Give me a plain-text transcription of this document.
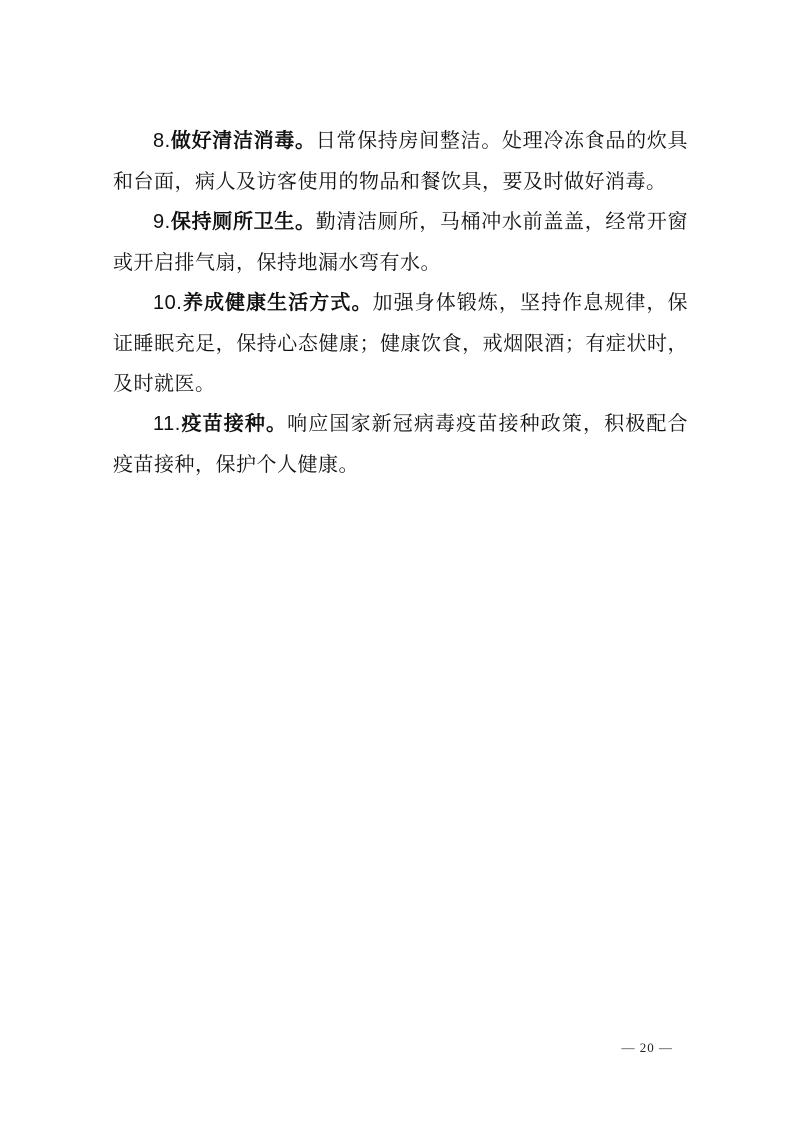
8.做好清洁消毒。日常保持房间整洁。处理冷冻食品的炊具和台面，病人及访客使用的物品和餐饮具，要及时做好消毒。

9.保持厕所卫生。勤清洁厕所，马桶冲水前盖盖，经常开窗或开启排气扇，保持地漏水弯有水。

10.养成健康生活方式。加强身体锻炼，坚持作息规律，保证睡眠充足，保持心态健康；健康饮食，戒烟限酒；有症状时，及时就医。

11.疫苗接种。响应国家新冠病毒疫苗接种政策，积极配合疫苗接种，保护个人健康。

— 20 —
